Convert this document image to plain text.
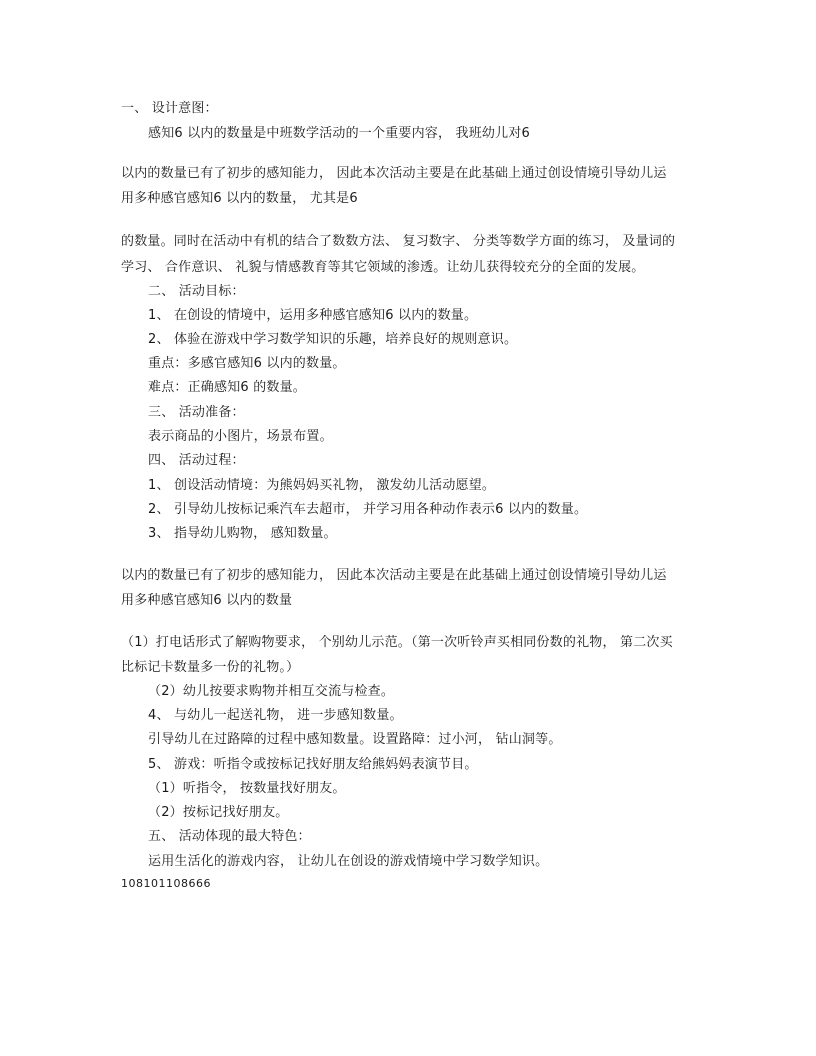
一、 设计意图：
感知6 以内的数量是中班数学活动的一个重要内容， 我班幼儿对6
以内的数量已有了初步的感知能力， 因此本次活动主要是在此基础上通过创设情境引导幼儿运
用多种感官感知6 以内的数量， 尤其是6
的数量。同时在活动中有机的结合了数数方法、 复习数字、 分类等数学方面的练习， 及量词的
学习、 合作意识、 礼貌与情感教育等其它领域的渗透。让幼儿获得较充分的全面的发展。
二、 活动目标：
1、 在创设的情境中，运用多种感官感知6 以内的数量。
2、 体验在游戏中学习数学知识的乐趣，培养良好的规则意识。
重点：多感官感知6 以内的数量。
难点：正确感知6 的数量。
三、 活动准备：
表示商品的小图片，场景布置。
四、 活动过程：
1、 创设活动情境：为熊妈妈买礼物， 激发幼儿活动愿望。
2、 引导幼儿按标记乘汽车去超市， 并学习用各种动作表示6 以内的数量。
3、 指导幼儿购物， 感知数量。
以内的数量已有了初步的感知能力， 因此本次活动主要是在此基础上通过创设情境引导幼儿运
用多种感官感知6 以内的数量
（1）打电话形式了解购物要求， 个别幼儿示范。（第一次听铃声买相同份数的礼物， 第二次买
比标记卡数量多一份的礼物。）
（2）幼儿按要求购物并相互交流与检查。
4、 与幼儿一起送礼物， 进一步感知数量。
引导幼儿在过路障的过程中感知数量。设置路障：过小河， 钻山洞等。
5、 游戏：听指令或按标记找好朋友给熊妈妈表演节目。
（1）听指令， 按数量找好朋友。
（2）按标记找好朋友。
五、 活动体现的最大特色：
运用生活化的游戏内容， 让幼儿在创设的游戏情境中学习数学知识。
108101108666
